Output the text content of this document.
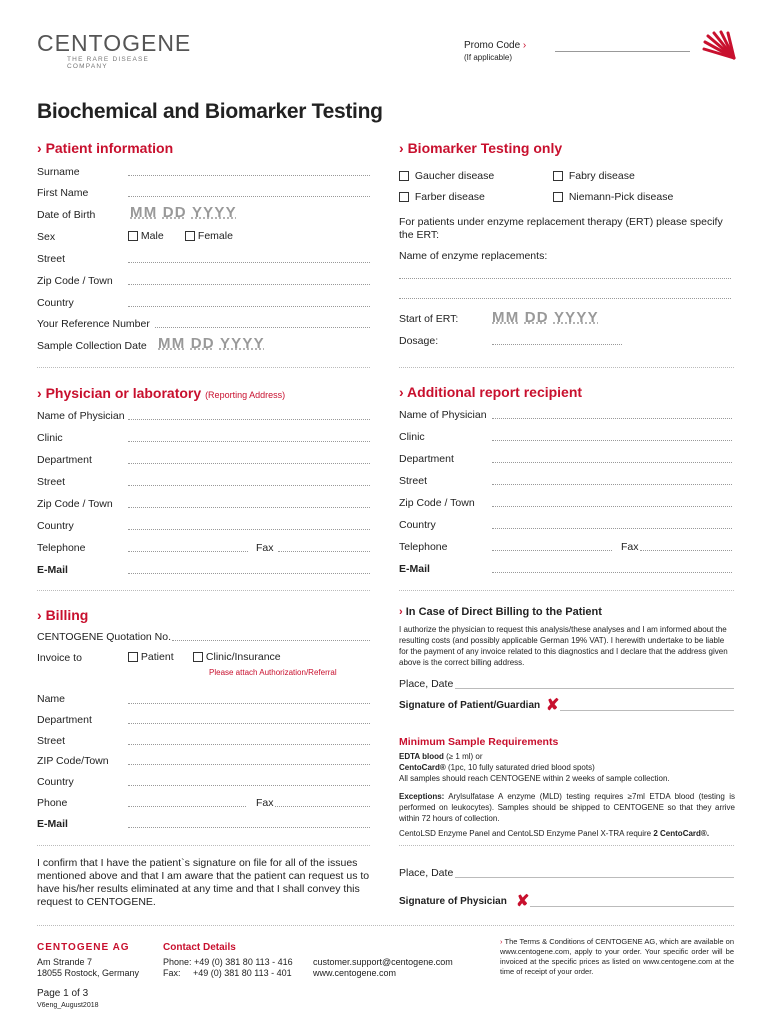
CENTOGENE
THE RARE DISEASE COMPANY
Promo Code ›
(If applicable)
Biochemical and Biomarker Testing
› Patient information
Surname
First Name
Date of Birth MM DD YYYY
Sex	Male	Female
Street
Zip Code / Town
Country
Your Reference Number
Sample Collection Date MM DD YYYY
› Biomarker Testing only
Gaucher disease	Fabry disease
Farber disease	Niemann-Pick disease
For patients under enzyme replacement therapy (ERT) please specify the ERT:
Name of enzyme replacements:
Start of ERT: MM DD YYYY
Dosage:
› Physician or laboratory (Reporting Address)
Name of Physician
Clinic
Department
Street
Zip Code / Town
Country
Telephone	Fax
E-Mail
› Additional report recipient
Name of Physician
Clinic
Department
Street
Zip Code / Town
Country
Telephone	Fax
E-Mail
› Billing
CENTOGENE Quotation No.
Invoice to	Patient	Clinic/Insurance
Please attach Authorization/Referral
Name
Department
Street
ZIP Code/Town
Country
Phone	Fax
E-Mail
› In Case of Direct Billing to the Patient
I authorize the physician to request this analysis/these analyses and I am informed about the resulting costs (and possibly applicable German 19% VAT). I herewith undertake to be liable for the payment of any invoice related to this diagnostics and I declare that the address given above is the correct billing address.
Place, Date
Signature of Patient/Guardian ✘
Minimum Sample Requirements
EDTA blood (≥ 1 ml) or
CentoCard® (1pc, 10 fully saturated dried blood spots)
All samples should reach CENTOGENE within 2 weeks of sample collection.
Exceptions: Arylsulfatase A enzyme (MLD) testing requires ≥7ml ETDA blood (testing is performed on leukocytes). Samples should be shipped to CENTOGENE so that they arrive within 72 hours of collection.
CentoLSD Enzyme Panel and CentoLSD Enzyme Panel X-TRA require 2 CentoCard®.
I confirm that I have the patient`s signature on file for all of the issues mentioned above and that I am aware that the patient can request us to have his/her results eliminated at any time and that I shall convey this request to CENTOGENE.
Place, Date
Signature of Physician ✘
CENTOGENE AG
Am Strande 7
18055 Rostock, Germany
Contact Details
Phone: +49 (0) 381 80 113 - 416
Fax:     +49 (0) 381 80 113 - 401
customer.support@centogene.com
www.centogene.com
› The Terms & Conditions of CENTOGENE AG, which are available on www.centogene.com, apply to your order. Your specific order will be invoiced at the specific prices as listed on www.centogene.com at the time of receipt of your order.
Page 1 of 3
V6eng_August2018
